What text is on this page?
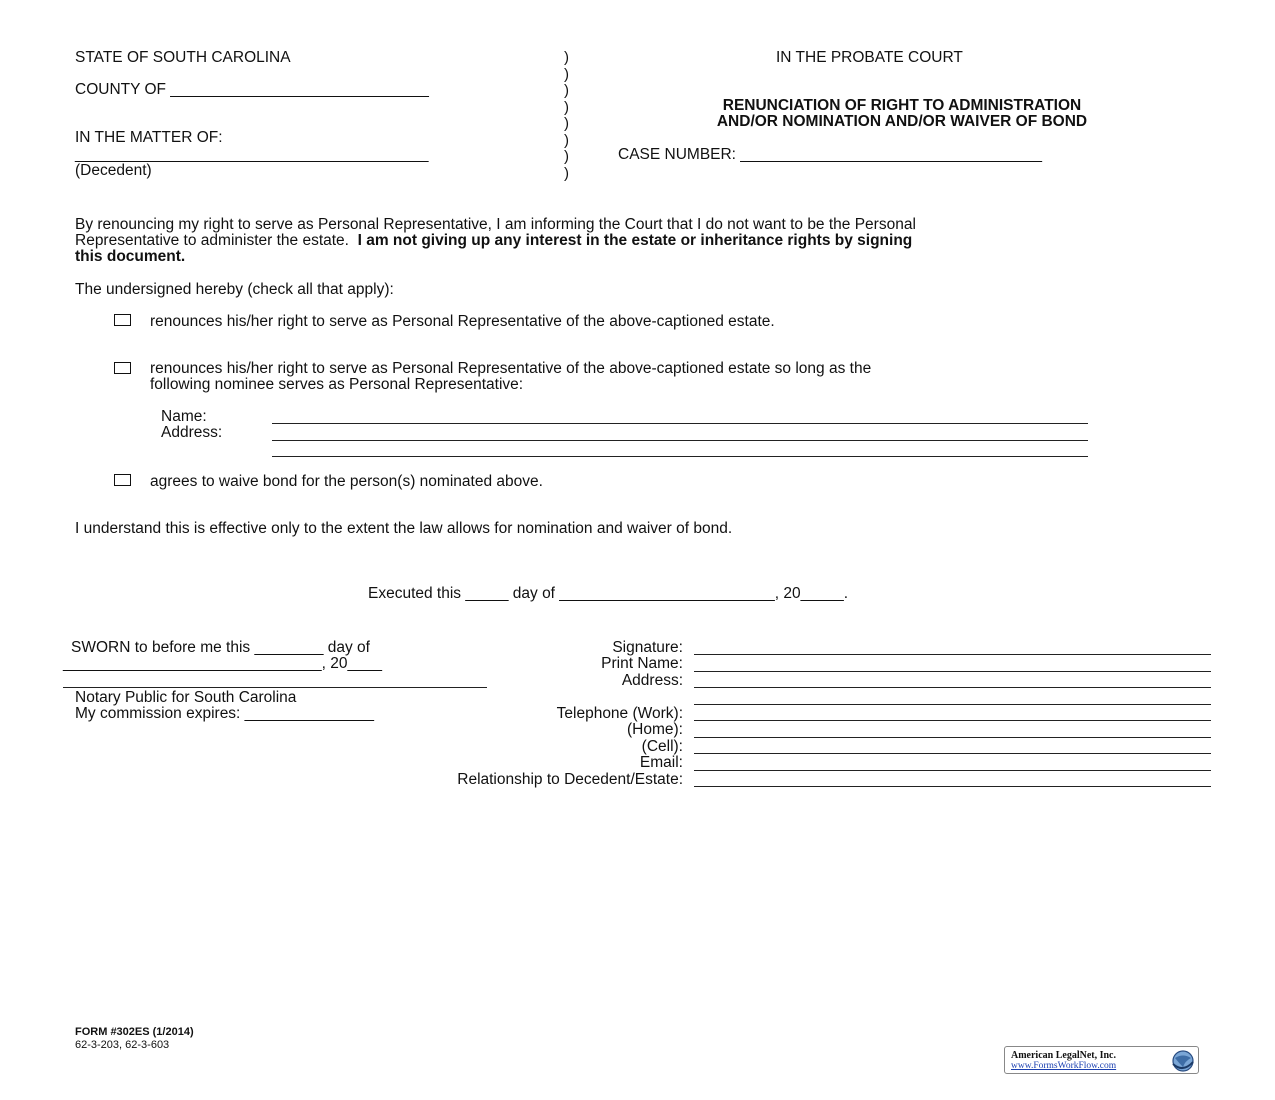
STATE OF SOUTH CAROLINA
COUNTY OF ______________________________
IN THE MATTER OF:
_________________________________________
(Decedent)
)
)
)
)
)
)
)
)
IN THE PROBATE COURT
RENUNCIATION OF RIGHT TO ADMINISTRATION
AND/OR NOMINATION AND/OR WAIVER OF BOND
CASE NUMBER: ___________________________________
By renouncing my right to serve as Personal Representative, I am informing the Court that I do not want to be the Personal
Representative to administer the estate. I am not giving up any interest in the estate or inheritance rights by signing
this document.
The undersigned hereby (check all that apply):
renounces his/her right to serve as Personal Representative of the above-captioned estate.
renounces his/her right to serve as Personal Representative of the above-captioned estate so long as the
following nominee serves as Personal Representative:
Name:
Address:
agrees to waive bond for the person(s) nominated above.
I understand this is effective only to the extent the law allows for nomination and waiver of bond.
Executed this _____ day of _________________________, 20_____.
SWORN to before me this ________ day of
______________________________, 20____
Notary Public for South Carolina
My commission expires: _______________
Signature:
Print Name:
Address:
Telephone (Work):
(Home):
(Cell):
Email:
Relationship to Decedent/Estate:
FORM #302ES (1/2014)
62-3-203, 62-3-603
American LegalNet, Inc.
www.FormsWorkFlow.com
